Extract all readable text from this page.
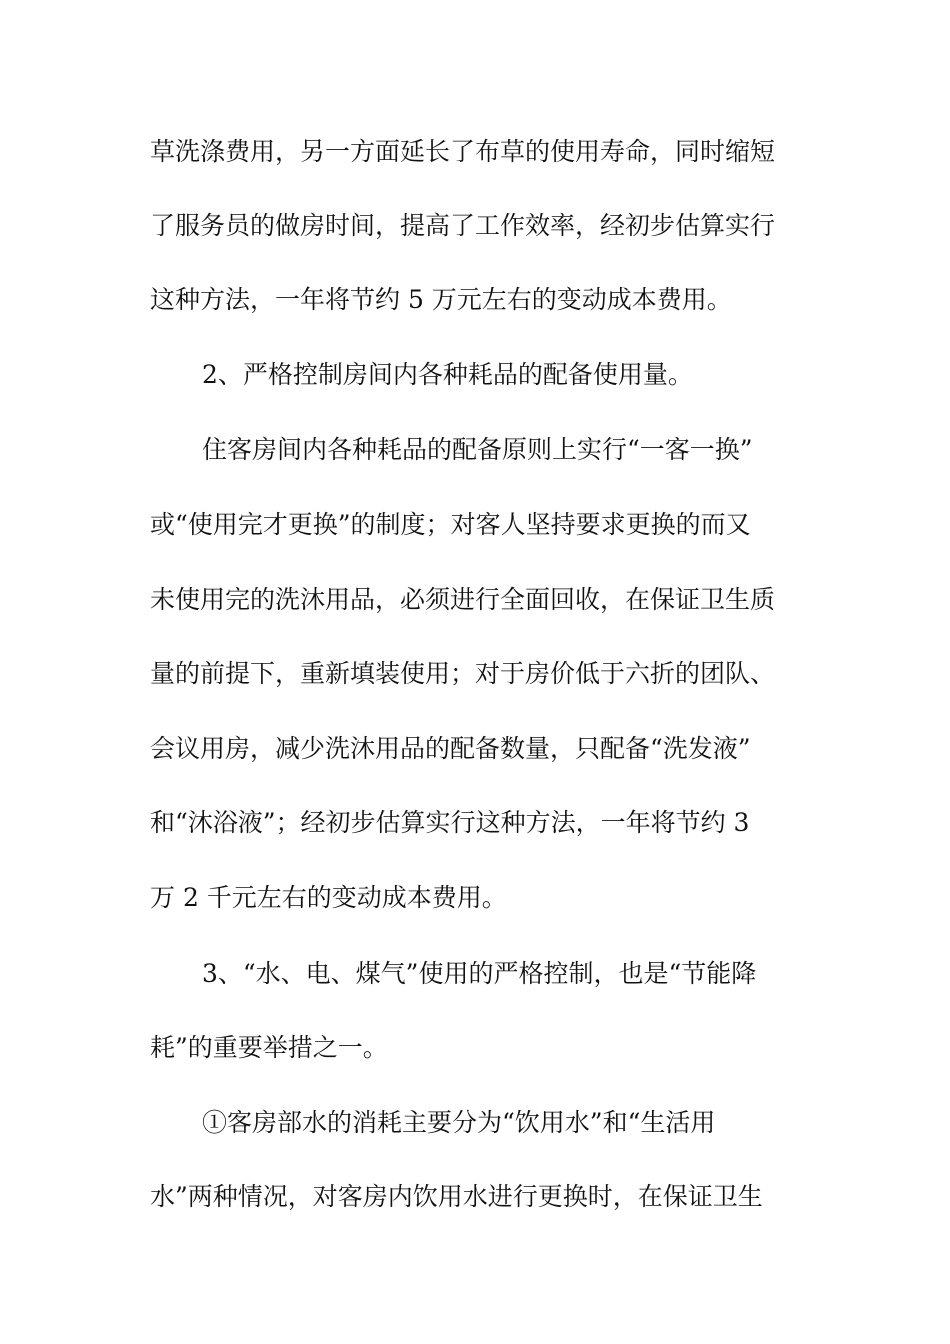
草洗涤费用，另一方面延长了布草的使用寿命，同时缩短
了服务员的做房时间，提高了工作效率，经初步估算实行
这种方法，一年将节约 5 万元左右的变动成本费用。
2、严格控制房间内各种耗品的配备使用量。
住客房间内各种耗品的配备原则上实行“一客一换”
或“使用完才更换”的制度；对客人坚持要求更换的而又
未使用完的洗沐用品，必须进行全面回收，在保证卫生质
量的前提下，重新填装使用；对于房价低于六折的团队、
会议用房，减少洗沐用品的配备数量，只配备“洗发液”
和“沐浴液”；经初步估算实行这种方法，一年将节约 3
万 2 千元左右的变动成本费用。
3、“水、电、煤气”使用的严格控制，也是“节能降
耗”的重要举措之一。
①客房部水的消耗主要分为“饮用水”和“生活用
水”两种情况，对客房内饮用水进行更换时，在保证卫生
